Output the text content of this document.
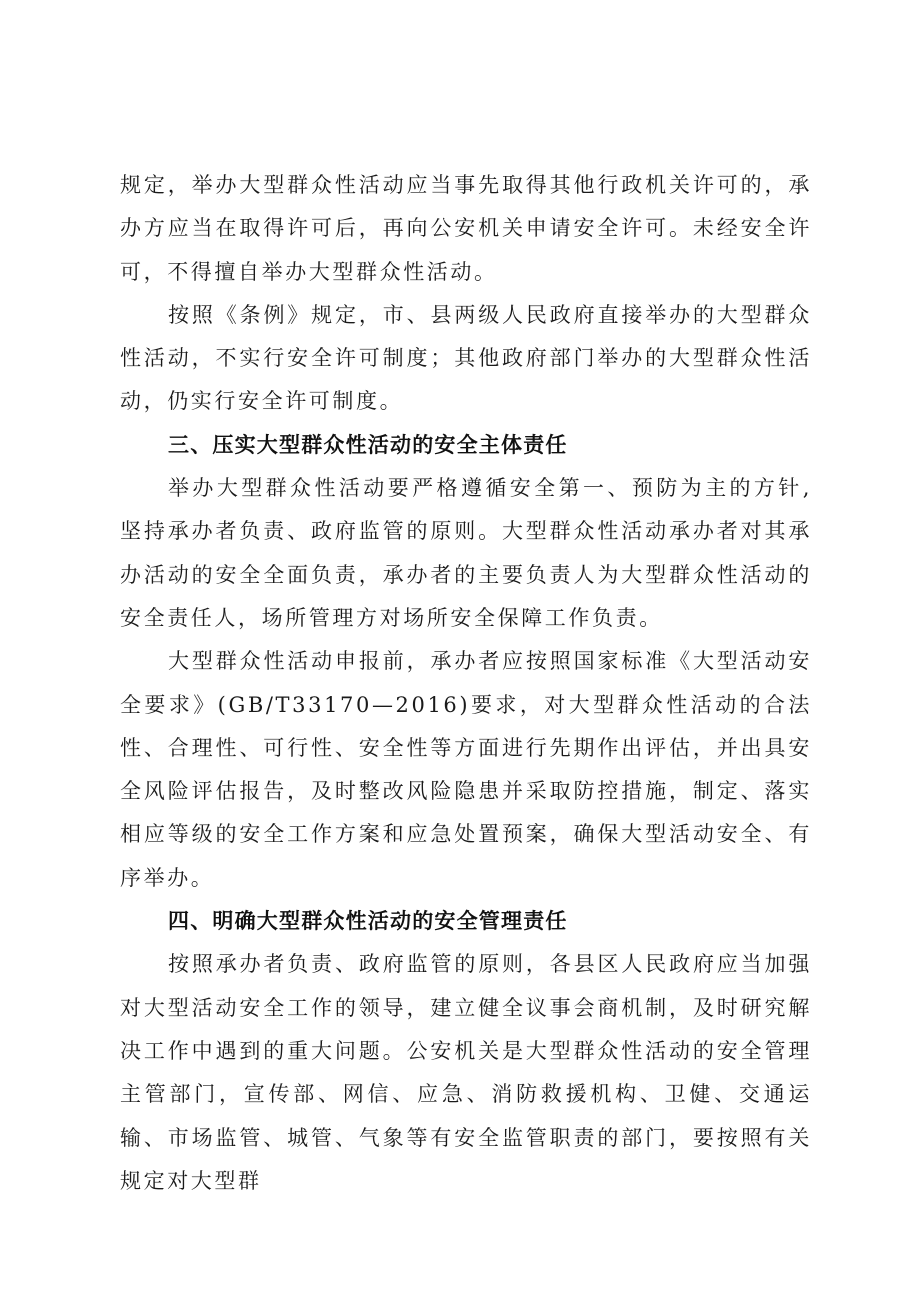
规定，举办大型群众性活动应当事先取得其他行政机关许可的，承办方应当在取得许可后，再向公安机关申请安全许可。未经安全许可，不得擅自举办大型群众性活动。

按照《条例》规定，市、县两级人民政府直接举办的大型群众性活动，不实行安全许可制度；其他政府部门举办的大型群众性活动，仍实行安全许可制度。

三、压实大型群众性活动的安全主体责任

举办大型群众性活动要严格遵循安全第一、预防为主的方针,坚持承办者负责、政府监管的原则。大型群众性活动承办者对其承办活动的安全全面负责，承办者的主要负责人为大型群众性活动的安全责任人，场所管理方对场所安全保障工作负责。

大型群众性活动申报前，承办者应按照国家标准《大型活动安全要求》(GB/T33170—2016)要求，对大型群众性活动的合法性、合理性、可行性、安全性等方面进行先期作出评估，并出具安全风险评估报告，及时整改风险隐患并采取防控措施，制定、落实相应等级的安全工作方案和应急处置预案，确保大型活动安全、有序举办。

四、明确大型群众性活动的安全管理责任

按照承办者负责、政府监管的原则，各县区人民政府应当加强对大型活动安全工作的领导，建立健全议事会商机制，及时研究解决工作中遇到的重大问题。公安机关是大型群众性活动的安全管理主管部门，宣传部、网信、应急、消防救援机构、卫健、交通运输、市场监管、城管、气象等有安全监管职责的部门，要按照有关规定对大型群
